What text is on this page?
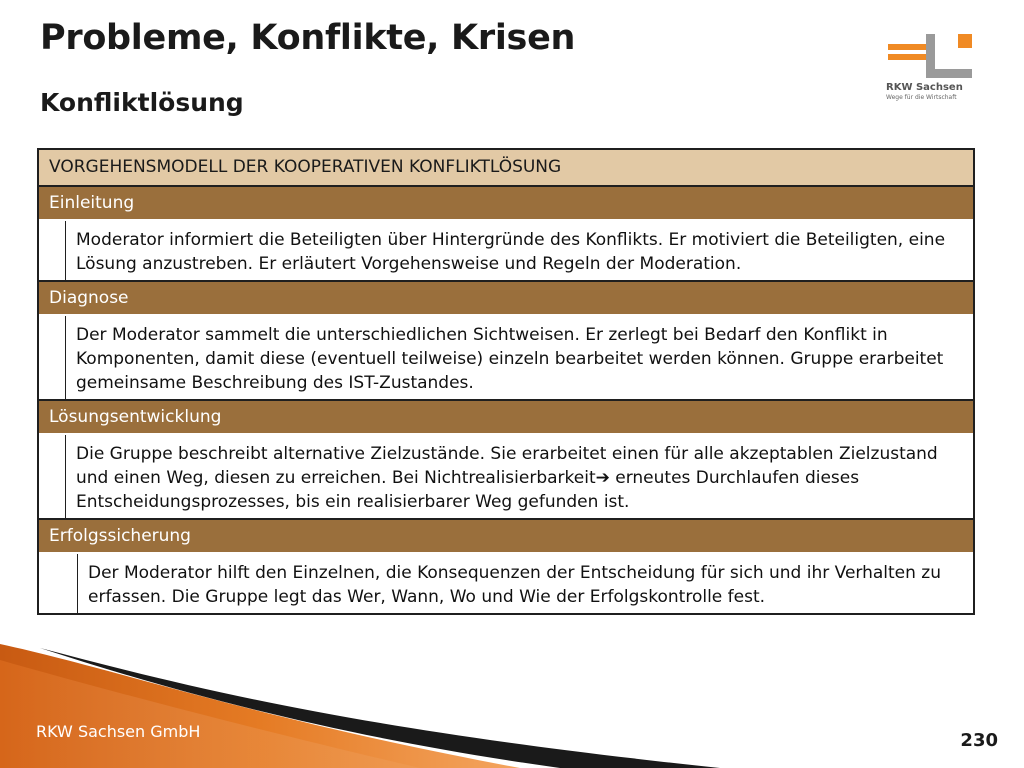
Probleme, Konflikte, Krisen
Konfliktlösung
RKW Sachsen
Wege für die Wirtschaft
VORGEHENSMODELL DER KOOPERATIVEN KONFLIKTLÖSUNG
Einleitung
Moderator informiert die Beteiligten über Hintergründe des Konflikts. Er motiviert die Beteiligten, eine Lösung anzustreben. Er erläutert Vorgehensweise und Regeln der Moderation.
Diagnose
Der Moderator sammelt die unterschiedlichen Sichtweisen. Er zerlegt bei Bedarf den Konflikt in Komponenten, damit diese (eventuell teilweise) einzeln bearbeitet werden können. Gruppe erarbeitet gemeinsame Beschreibung des IST-Zustandes.
Lösungsentwicklung
Die Gruppe beschreibt alternative Zielzustände. Sie erarbeitet einen für alle akzeptablen Zielzustand und einen Weg, diesen zu erreichen. Bei Nichtrealisierbarkeit➔ erneutes Durchlaufen dieses Entscheidungsprozesses, bis ein realisierbarer Weg gefunden ist.
Erfolgssicherung
Der Moderator hilft den Einzelnen, die Konsequenzen der Entscheidung für sich und ihr Verhalten zu erfassen. Die Gruppe legt das Wer, Wann, Wo und Wie der Erfolgskontrolle fest.
RKW Sachsen GmbH	230
